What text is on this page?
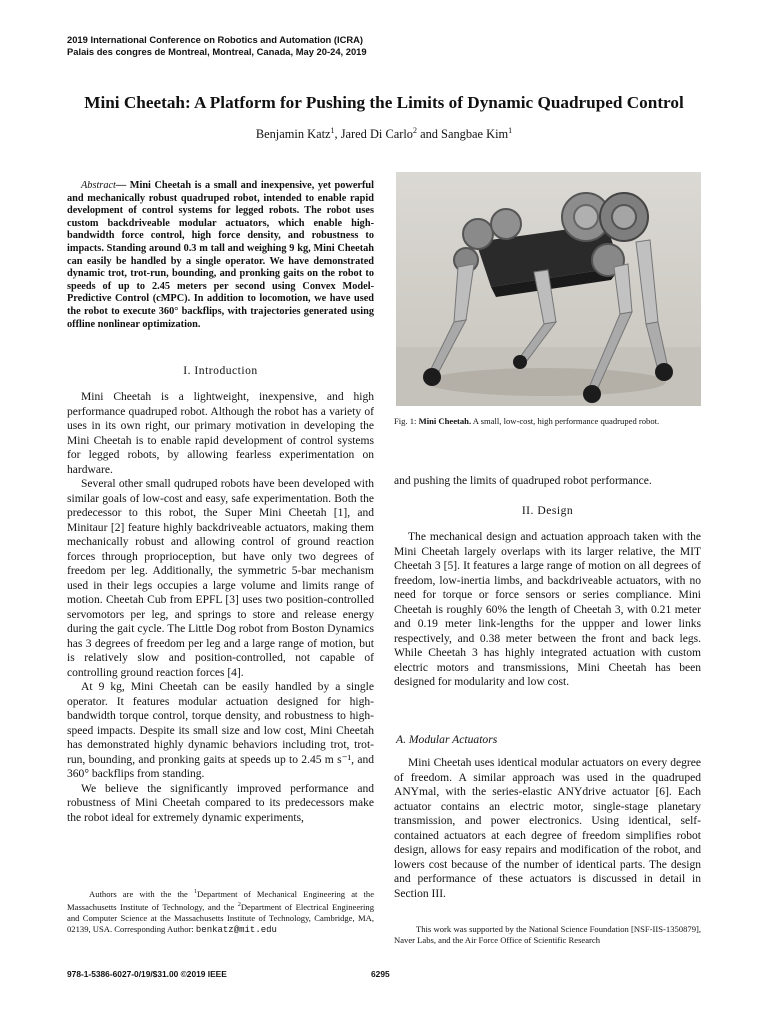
2019 International Conference on Robotics and Automation (ICRA)
Palais des congres de Montreal, Montreal, Canada, May 20-24, 2019
Mini Cheetah: A Platform for Pushing the Limits of Dynamic Quadruped Control
Benjamin Katz$^1$, Jared Di Carlo$^2$ and Sangbae Kim$^1$
Abstract— Mini Cheetah is a small and inexpensive, yet powerful and mechanically robust quadruped robot, intended to enable rapid development of control systems for legged robots. The robot uses custom backdriveable modular actuators, which enable high-bandwidth force control, high force density, and robustness to impacts. Standing around 0.3 m tall and weighing 9 kg, Mini Cheetah can easily be handled by a single operator. We have demonstrated dynamic trot, trot-run, bounding, and pronking gaits on the robot to speeds of up to 2.45 meters per second using Convex Model-Predictive Control (cMPC). In addition to locomotion, we have used the robot to execute 360° backflips, with trajectories generated using offline nonlinear optimization.
I. Introduction

Mini Cheetah is a lightweight, inexpensive, and high performance quadruped robot. Although the robot has a variety of uses in its own right, our primary motivation in developing the Mini Cheetah is to enable rapid development of control systems for legged robots, by allowing fearless experimentation on hardware.

Several other small qudruped robots have been developed with similar goals of low-cost and easy, safe experimentation. Both the predecessor to this robot, the Super Mini Cheetah [1], and Minitaur [2] feature highly backdriveable actuators, making them mechanically robust and allowing control of ground reaction forces through proprioception, but have only two degrees of freedom per leg. Additionally, the symmetric 5-bar mechanism used in their legs occupies a large volume and limits range of motion. Cheetah Cub from EPFL [3] uses two position-controlled servomotors per leg, and springs to store and release energy during the gait cycle. The Little Dog robot from Boston Dynamics has 3 degrees of freedom per leg and a large range of motion, but is relatively slow and position-controlled, not capable of controlling ground reaction forces [4].

At 9 kg, Mini Cheetah can be easily handled by a single operator. It features modular actuation designed for high-bandwidth torque control, torque density, and robustness to high-speed impacts. Despite its small size and low cost, Mini Cheetah has demonstrated highly dynamic behaviors including trot, trot-run, bounding, and pronking gaits at speeds up to 2.45 m s⁻¹, and 360° backflips from standing.

We believe the significantly improved performance and robustness of Mini Cheetah compared to its predecessors make the robot ideal for extremely dynamic experiments,

Fig. 1: Mini Cheetah. A small, low-cost, high performance quadruped robot.

and pushing the limits of quadruped robot performance.

II. Design

The mechanical design and actuation approach taken with the Mini Cheetah largely overlaps with its larger relative, the MIT Cheetah 3 [5]. It features a large range of motion on all degrees of freedom, low-inertia limbs, and backdriveable actuators, with no need for torque or force sensors or series compliance. Mini Cheetah is roughly 60% the length of Cheetah 3, with 0.21 meter and 0.19 meter link-lengths for the uppper and lower links respectively, and 0.38 meter between the front and back legs. While Cheetah 3 has highly integrated actuation with custom electric motors and transmissions, Mini Cheetah has been designed for modularity and low cost.

A. Modular Actuators

Mini Cheetah uses identical modular actuators on every degree of freedom. A similar approach was used in the quadruped ANYmal, with the series-elastic ANYdrive actuator [6]. Each actuator contains an electric motor, single-stage planetary transmission, and power electronics. Using identical, self-contained actuators at each degree of freedom simplifies robot design, allows for easy repairs and modification of the robot, and lowers cost because of the number of identical parts. The design and performance of these actuators is discussed in detail in Section III.

Authors are with the the $^1$Department of Mechanical Engineering at the Massachusetts Institute of Technology, and the $^2$Department of Electrical Engineering and Computer Science at the Massachusetts Institute of Technology, Cambridge, MA, 02139, USA. Corresponding Author: benkatz@mit.edu	This work was supported by the National Science Foundation [NSF-IIS-1350879], Naver Labs, and the Air Force Office of Scientific Research
978-1-5386-6027-0/19/$31.00 ©2019 IEEE	6295
